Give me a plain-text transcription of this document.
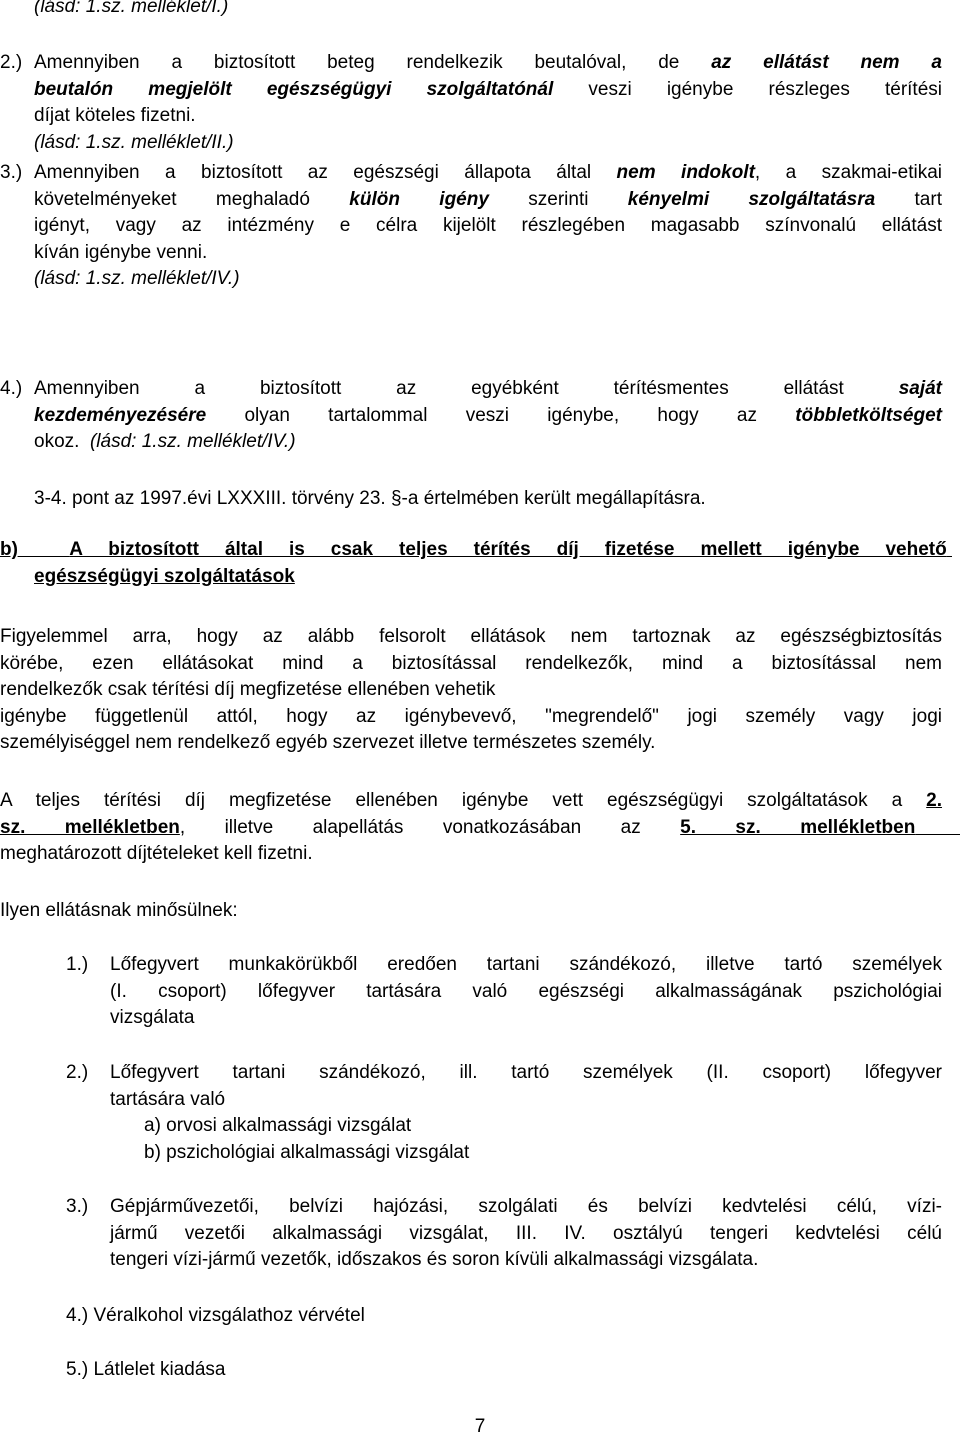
(lásd: 1.sz. melléklet/I.)
2.) Amennyiben a biztosított beteg rendelkezik beutalóval, de az ellátást nem a
beutalón megjelölt egészségügyi szolgáltatónál veszi igénybe részleges térítési
díjat köteles fizetni.
(lásd: 1.sz. melléklet/II.)
3.) Amennyiben a biztosított az egészségi állapota által nem indokolt, a szakmai-etikai
követelményeket meghaladó külön igény szerinti kényelmi szolgáltatásra tart
igényt, vagy az intézmény e célra kijelölt részlegében magasabb színvonalú ellátást
kíván igénybe venni.
(lásd: 1.sz. melléklet/IV.)
4.) Amennyiben a biztosított az egyébként térítésmentes ellátást	saját
kezdeményezésére olyan tartalommal veszi igénybe, hogy az többletköltséget
okoz. (lásd: 1.sz. melléklet/IV.)
3-4. pont az 1997.évi LXXXIII. törvény 23. §-a értelmében került megállapításra.
b)	A biztosított által is csak teljes térítés díj fizetése mellett igénybe vehető
egészségügyi szolgáltatások
Figyelemmel arra, hogy az alább felsorolt ellátások nem tartoznak az egészségbiztosítás
körébe, ezen ellátásokat mind a biztosítással rendelkezők, mind a biztosítással nem
rendelkezők csak térítési díj megfizetése ellenében vehetik
igénybe függetlenül attól, hogy az igénybevevő, "megrendelő" jogi személy vagy jogi
személyiséggel nem rendelkező egyéb szervezet illetve természetes személy.
A teljes térítési díj megfizetése ellenében igénybe vett egészségügyi szolgáltatások a 2.
sz. mellékletben, illetve alapellátás vonatkozásában az 5. sz. mellékletben
meghatározott díjtételeket kell fizetni.
Ilyen ellátásnak minősülnek:
1.) Lőfegyvert munkakörükből eredően tartani szándékozó, illetve tartó személyek
(I. csoport) lőfegyver tartására való egészségi alkalmasságának pszichológiai
vizsgálata
2.) Lőfegyvert tartani szándékozó, ill. tartó személyek (II. csoport) lőfegyver
tartására való
a) orvosi alkalmassági vizsgálat
b) pszichológiai alkalmassági vizsgálat
3.) Gépjárművezetői, belvízi hajózási, szolgálati és belvízi kedvtelési célú, vízi-
jármű vezetői alkalmassági vizsgálat, III. IV. osztályú tengeri kedvtelési célú
tengeri vízi-jármű vezetők, időszakos és soron kívüli alkalmassági vizsgálata.
4.) Véralkohol vizsgálathoz vérvétel
5.) Látlelet kiadása
7
